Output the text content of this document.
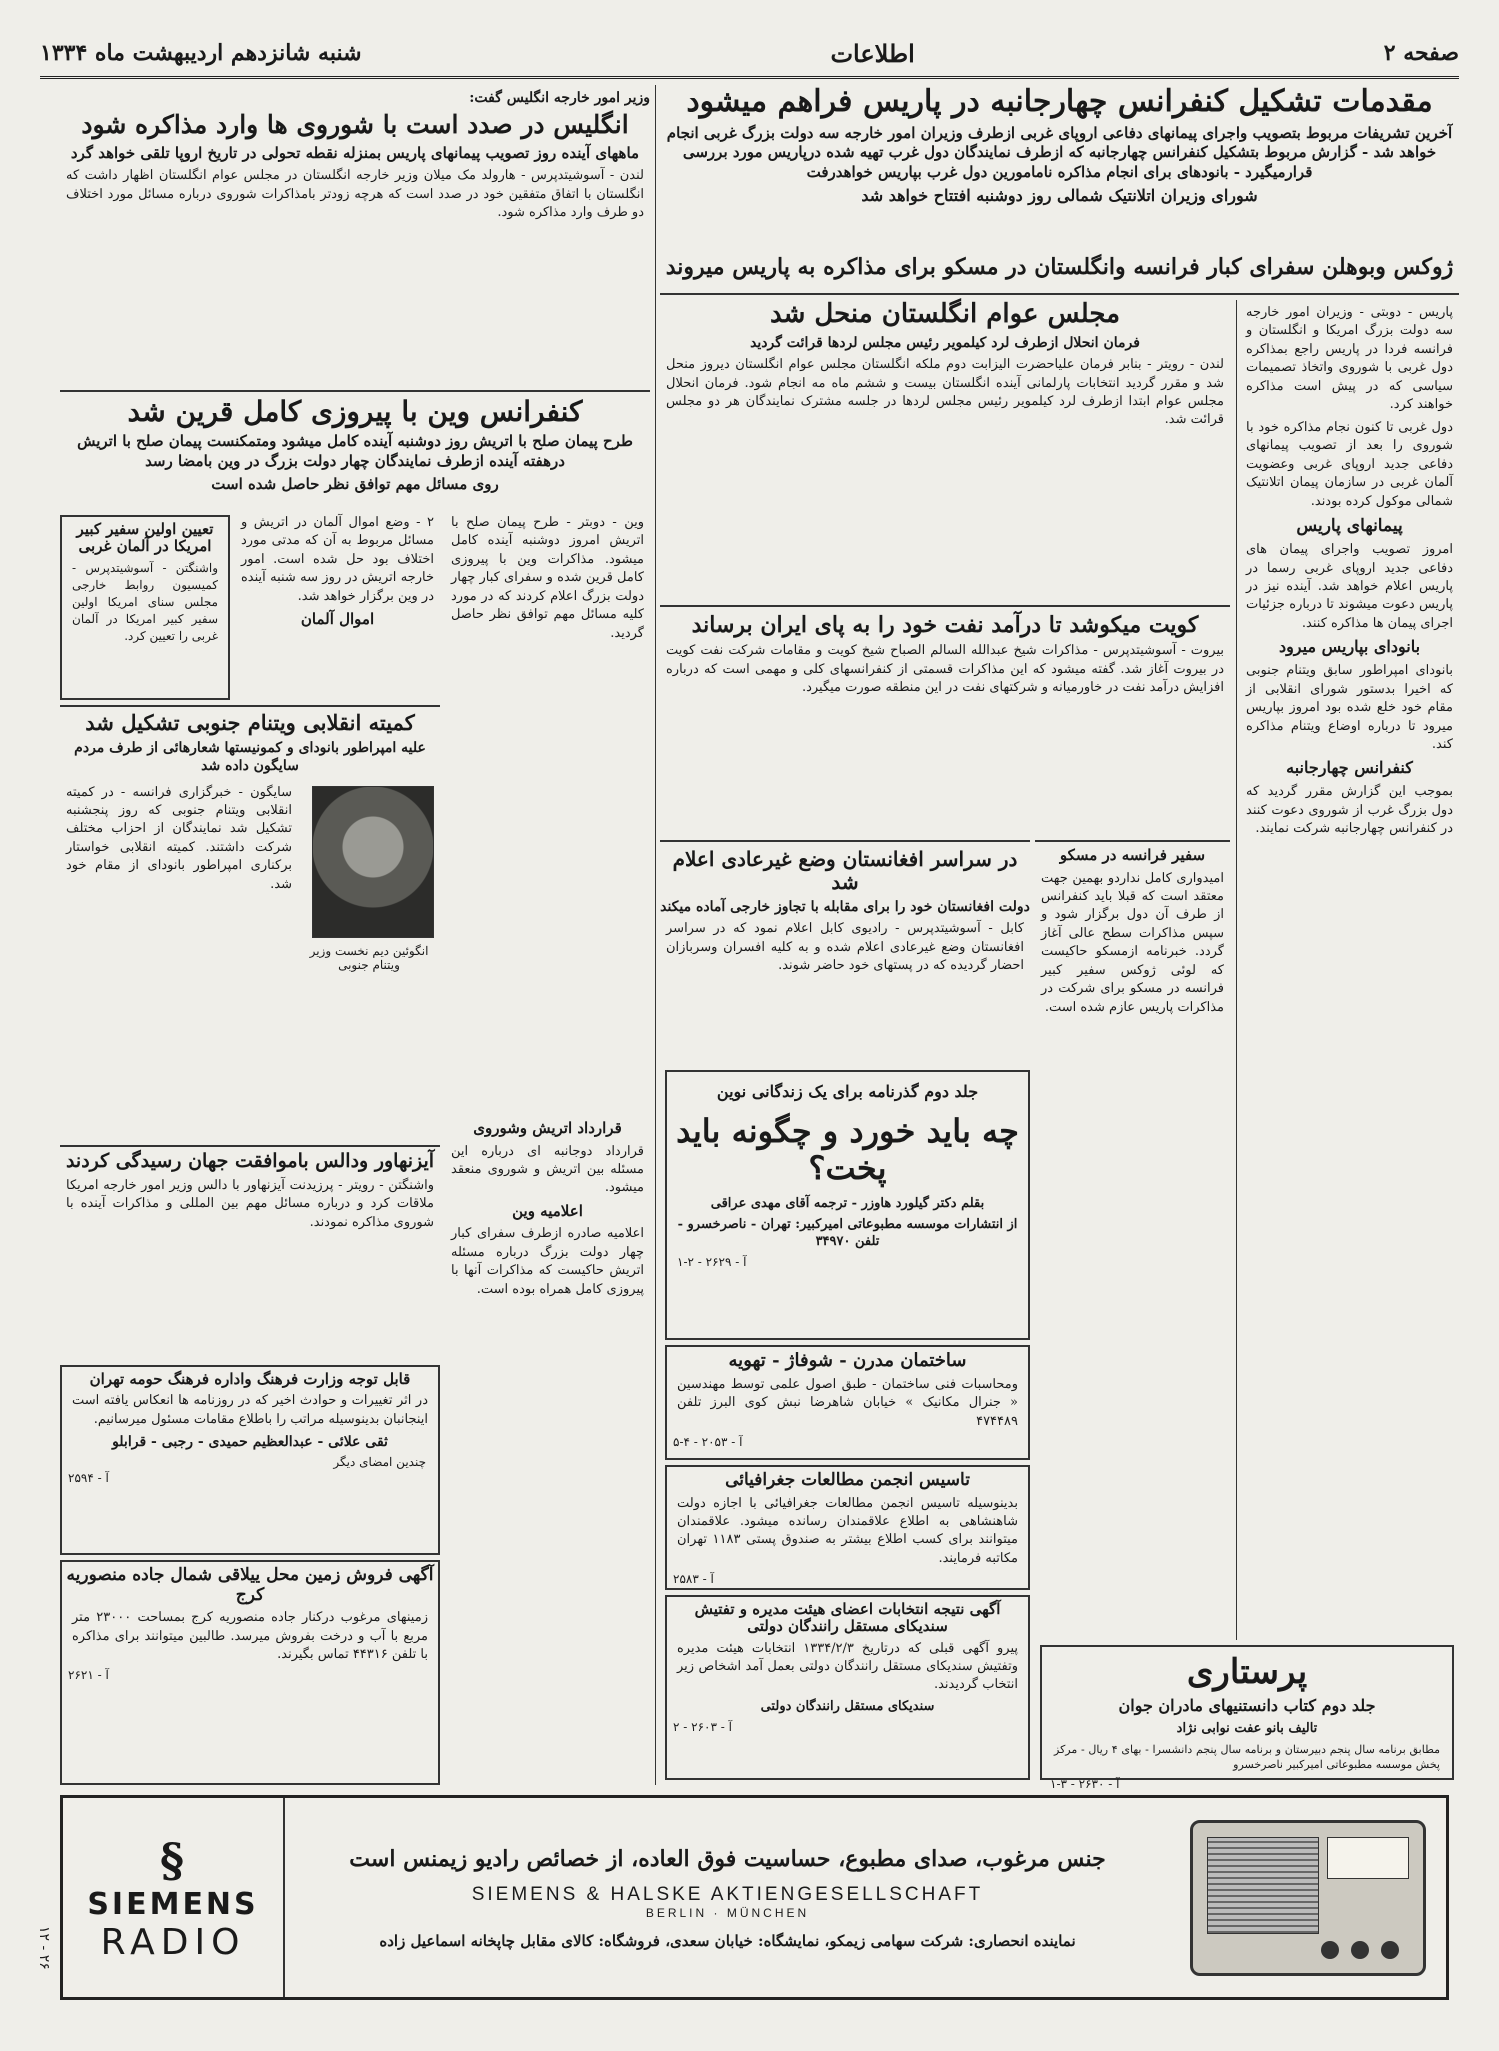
صفحه ۲
اطلاعات
شنبه شانزدهم اردیبهشت ماه ۱۳۳۴
مقدمات تشکیل کنفرانس چهارجانبه در پاریس فراهم میشود

آخرین تشریفات مربوط بتصویب واجرای پیمانهای دفاعی اروپای غربی ازطرف وزیران امور خارجه سه دولت بزرگ غربی انجام خواهد شد - گزارش مربوط بتشکیل کنفرانس چهارجانبه که ازطرف نمایندگان دول غرب تهیه شده درپاریس مورد بررسی قرارمیگیرد - بانودهای برای انجام مذاکره نامامورین دول غرب بپاریس خواهدرفت

شورای وزیران اتلانتیک شمالی روز دوشنبه افتتاح خواهد شد

ژوکس وبوهلن سفرای کبار فرانسه وانگلستان در مسکو برای مذاکره به پاریس میروند

پاریس - دوبتی - وزیران امور خارجه سه دولت بزرگ امریکا و انگلستان و فرانسه فردا در پاریس راجع بمذاکره دول غربی با شوروی واتخاذ تصمیمات سیاسی که در پیش است مذاکره خواهند کرد.

دول غربی تا کنون نجام مذاکره خود با شوروی را بعد از تصویب پیمانهای دفاعی جدید اروپای غربی وعضویت آلمان غربی در سازمان پیمان اتلانتیک شمالی موکول کرده بودند.

پیمانهای پاریس

امروز تصویب واجرای پیمان های دفاعی جدید اروپای غربی رسما در پاریس اعلام خواهد شد. آینده نیز در پاریس دعوت میشوند تا درباره جزئیات اجرای پیمان ها مذاکره کنند.

بانودای بپاریس میرود

بانودای امپراطور سابق ویتنام جنوبی که اخیرا بدستور شورای انقلابی از مقام خود خلع شده بود امروز بپاریس میرود تا درباره اوضاع ویتنام مذاکره کند.

کنفرانس چهارجانبه

بموجب این گزارش مقرر گردید که دول بزرگ غرب از شوروی دعوت کنند در کنفرانس چهارجانبه شرکت نمایند.

مجلس عوام انگلستان منحل شد

فرمان انحلال ازطرف لرد کیلمویر رئیس مجلس لردها قرائت گردید

لندن - رویتر - بنابر فرمان علیاحضرت الیزابت دوم ملکه انگلستان مجلس عوام انگلستان دیروز منحل شد و مقرر گردید انتخابات پارلمانی آینده انگلستان بیست و ششم ماه مه انجام شود. فرمان انحلال مجلس عوام ابتدا ازطرف لرد کیلمویر رئیس مجلس لردها در جلسه مشترک نمایندگان هر دو مجلس قرائت شد.

کویت میکوشد تا درآمد نفت خود را به پای ایران برساند

بیروت - آسوشیتدپرس - مذاکرات شیخ عبدالله السالم الصباح شیخ کویت و مقامات شرکت نفت کویت در بیروت آغاز شد. گفته میشود که این مذاکرات قسمتی از کنفرانسهای کلی و مهمی است که درباره افزایش درآمد نفت در خاورمیانه و شرکتهای نفت در این منطقه صورت میگیرد.

در سراسر افغانستان وضع غیرعادی اعلام شد

دولت افغانستان خود را برای مقابله با تجاوز خارجی آماده میکند

کابل - آسوشیتدپرس - رادیوی کابل اعلام نمود که در سراسر افغانستان وضع غیرعادی اعلام شده و به کلیه افسران وسربازان احضار گردیده که در پستهای خود حاضر شوند.

سفیر فرانسه در مسکو

امیدواری کامل نداردو بهمین جهت معتقد است که قبلا باید کنفرانس از طرف آن دول برگزار شود و سپس مذاکرات سطح عالی آغاز گردد. خبرنامه ازمسکو حاکیست که لوئی ژوکس سفیر کبیر فرانسه در مسکو برای شرکت در مذاکرات پاریس عازم شده است.

جلد دوم گذرنامه برای یک زندگانی نوین

چه باید خورد و چگونه باید پخت؟

بقلم دکتر گیلورد هاوزر - ترجمه آقای مهدی عراقی

از انتشارات موسسه مطبوعاتی امیرکبیر: تهران - ناصرخسرو - تلفن ۳۴۹۷۰

آ - ۲۶۲۹ - ۲-۱

ساختمان مدرن - شوفاژ - تهویه

ومحاسبات فنی ساختمان - طبق اصول علمی توسط مهندسین « جنرال مکانیک » خیابان شاهرضا نبش کوی البرز تلفن ۴۷۴۴۸۹

آ - ۲۰۵۳ - ۴-۵

تاسیس انجمن مطالعات جغرافیائی

بدینوسیله تاسیس انجمن مطالعات جغرافیائی با اجازه دولت شاهنشاهی به اطلاع علاقمندان رسانده میشود. علاقمندان میتوانند برای کسب اطلاع بیشتر به صندوق پستی ۱۱۸۳ تهران مکاتبه فرمایند.

آ - ۲۵۸۳

آگهی نتیجه انتخابات اعضای هیئت مدیره و تفتیش سندیکای مستقل رانندگان دولتی

پیرو آگهی قبلی که درتاریخ ۱۳۳۴/۲/۳ انتخابات هیئت مدیره وتفتیش سندیکای مستقل رانندگان دولتی بعمل آمد اشخاص زیر انتخاب گردیدند.

سندیکای مستقل رانندگان دولتی

آ - ۲۶۰۳ - ۲

پرستاری

جلد دوم کتاب دانستنیهای مادران جوان

تالیف بانو عفت نوابی نژاد

مطابق برنامه سال پنجم دبیرستان و برنامه سال پنجم دانشسرا - بهای ۴ ریال - مرکز پخش موسسه مطبوعاتی امیرکبیر ناصرخسرو

آ - ۲۶۳۰ - ۳-۱

وزیر امور خارجه انگلیس گفت:

انگلیس در صدد است با شوروی ها وارد مذاکره شود

ماههای آینده روز تصویب پیمانهای پاریس بمنزله نقطه تحولی در تاریخ اروپا تلقی خواهد گرد

لندن - آسوشیتدپرس - هارولد مک میلان وزیر خارجه انگلستان در مجلس عوام انگلستان اظهار داشت که انگلستان با اتفاق متفقین خود در صدد است که هرچه زودتر بامذاکرات شوروی درباره مسائل مورد اختلاف دو طرف وارد مذاکره شود.

کنفرانس وین با پیروزی کامل قرین شد

طرح پیمان صلح با اتریش روز دوشنبه آینده کامل میشود ومتمکنست پیمان صلح با اتریش درهفته آینده ازطرف نمایندگان چهار دولت بزرگ در وین بامضا رسد

روی مسائل مهم توافق نظر حاصل شده است

وین - دوبتر - طرح پیمان صلح با اتریش امروز دوشنبه آینده کامل میشود. مذاکرات وین با پیروزی کامل قرین شده و سفرای کبار چهار دولت بزرگ اعلام کردند که در مورد کلیه مسائل مهم توافق نظر حاصل گردید.

۲ - وضع اموال آلمان در اتریش و مسائل مربوط به آن که مدتی مورد اختلاف بود حل شده است. امور خارجه اتریش در روز سه شنبه آینده در وین برگزار خواهد شد.

اموال آلمان
قرارداد اتریش وشوروی

قرارداد دوجانبه ای درباره این مسئله بین اتریش و شوروی منعقد میشود.

اعلامیه وین

اعلامیه صادره ازطرف سفرای کبار چهار دولت بزرگ درباره مسئله اتریش حاکیست که مذاکرات آنها با پیروزی کامل همراه بوده است.

تعیین اولین سفیر کبیر امریکا در آلمان غربی

واشنگتن - آسوشیتدپرس - کمیسیون روابط خارجی مجلس سنای امریکا اولین سفیر کبیر امریکا در آلمان غربی را تعیین کرد.

کمیته انقلابی ویتنام جنوبی تشکیل شد

علیه امپراطور بانودای و کمونیستها شعارهائی از طرف مردم سایگون داده شد

سایگون - خبرگزاری فرانسه - در کمیته انقلابی ویتنام جنوبی که روز پنجشنبه تشکیل شد نمایندگان از احزاب مختلف شرکت داشتند. کمیته انقلابی خواستار برکناری امپراطور بانودای از مقام خود شد.

انگوئین دیم نخست وزیر ویتنام جنوبی

آیزنهاور ودالس باموافقت جهان رسیدگی کردند

واشنگتن - رویتر - پرزیدنت آیزنهاور با دالس وزیر امور خارجه امریکا ملاقات کرد و درباره مسائل مهم بین المللی و مذاکرات آینده با شوروی مذاکره نمودند.

قابل توجه وزارت فرهنگ واداره فرهنگ حومه تهران

در اثر تغییرات و حوادث اخیر که در روزنامه ها انعکاس یافته است اینجانبان بدینوسیله مراتب را باطلاع مقامات مسئول میرسانیم.

ثقی علائی - عبدالعظیم حمیدی - رجبی - قرابلو

چندین امضای دیگر

آ - ۲۵۹۴

آگهی فروش زمین محل ییلاقی شمال جاده منصوریه کرج

زمینهای مرغوب درکنار جاده منصوریه کرج بمساحت ۲۳۰۰۰ متر مربع با آب و درخت بفروش میرسد. طالبین میتوانند برای مذاکره با تلفن ۴۴۳۱۶ تماس بگیرند.

آ - ۲۶۲۱

§
SIEMENS
RADIO
جنس مرغوب، صدای مطبوع، حساسیت فوق العاده، از خصائص رادیو زیمنس است
SIEMENS & HALSKE AKTIENGESELLSCHAFT
BERLIN · MÜNCHEN
نماینده انحصاری: شرکت سهامی زیمکو، نمایشگاه: خیابان سعدی، فروشگاه: کالای مقابل چاپخانه اسماعیل زاده
۲۶ - ۱۲
